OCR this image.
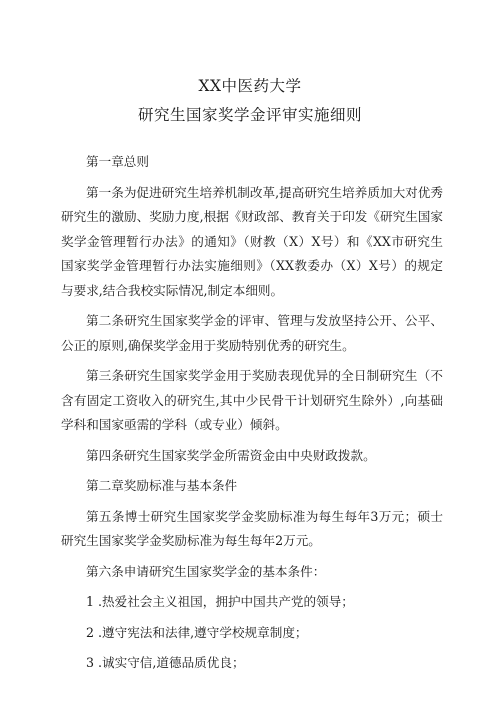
XX中医药大学
研究生国家奖学金评审实施细则

第一章总则

第一条为促进研究生培养机制改革,提高研究生培养质加大对优秀研究生的激励、奖励力度,根据《财政部、教育关于印发《研究生国家奖学金管理暂行办法》的通知》（财教（X）X号）和《XX市研究生国家奖学金管理暂行办法实施细则》（XX教委办（X）X号）的规定与要求,结合我校实际情况,制定本细则。

第二条研究生国家奖学金的评审、管理与发放坚持公开、公平、公正的原则,确保奖学金用于奖励特别优秀的研究生。

第三条研究生国家奖学金用于奖励表现优异的全日制研究生（不含有固定工资收入的研究生,其中少民骨干计划研究生除外）,向基础学科和国家亟需的学科（或专业）倾斜。

第四条研究生国家奖学金所需资金由中央财政拨款。

第二章奖励标准与基本条件

第五条博士研究生国家奖学金奖励标准为每生每年3万元；硕士研究生国家奖学金奖励标准为每生每年2万元。

第六条申请研究生国家奖学金的基本条件：

1 .热爱社会主义祖国，拥护中国共产党的领导；

2 .遵守宪法和法律,遵守学校规章制度；

3 .诚实守信,道德品质优良；
